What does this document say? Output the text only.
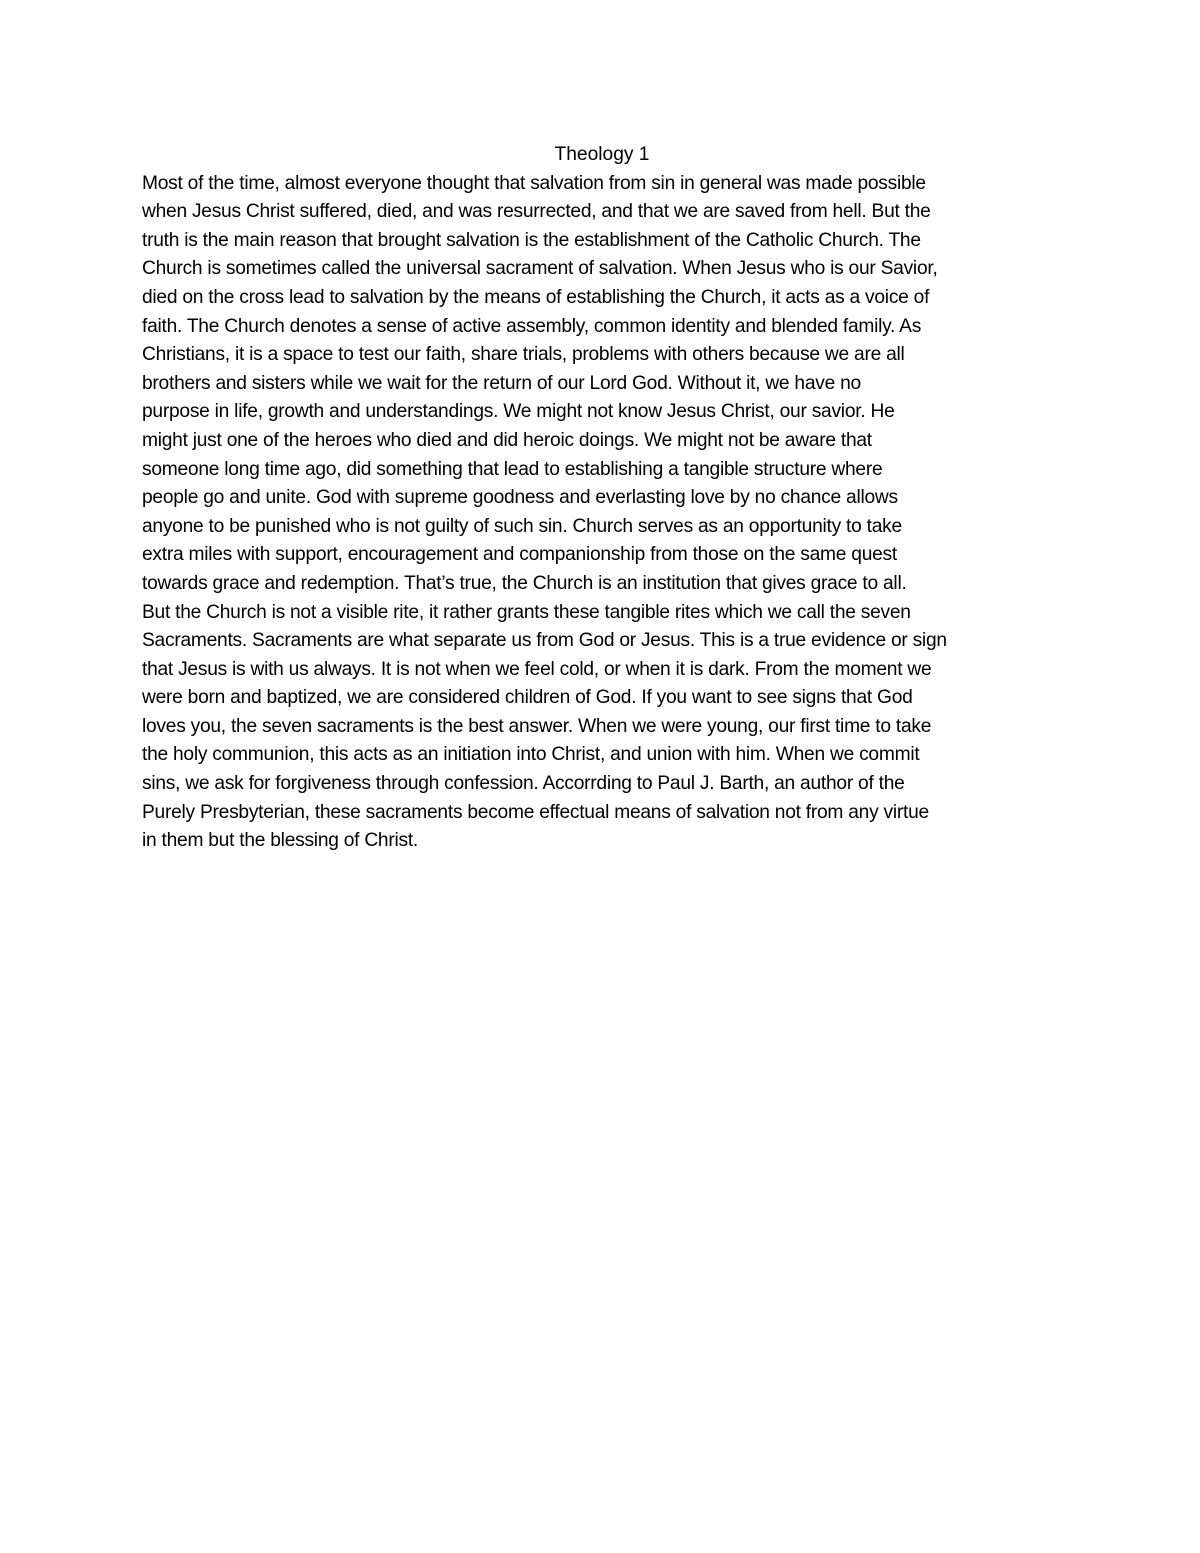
Theology 1
Most of the time, almost everyone thought that salvation from sin in general was made possible
when Jesus Christ suffered, died, and was resurrected, and that we are saved from hell. But the
truth is the main reason that brought salvation is the establishment of the Catholic Church. The
Church is sometimes called the universal sacrament of salvation. When Jesus who is our Savior,
died on the cross lead to salvation by the means of establishing the Church, it acts as a voice of
faith. The Church denotes a sense of active assembly, common identity and blended family. As
Christians, it is a space to test our faith, share trials, problems with others because we are all
brothers and sisters while we wait for the return of our Lord God. Without it, we have no
purpose in life, growth and understandings. We might not know Jesus Christ, our savior. He
might just one of the heroes who died and did heroic doings. We might not be aware that
someone long time ago, did something that lead to establishing a tangible structure where
people go and unite. God with supreme goodness and everlasting love by no chance allows
anyone to be punished who is not guilty of such sin. Church serves as an opportunity to take
extra miles with support, encouragement and companionship from those on the same quest
towards grace and redemption. That’s true, the Church is an institution that gives grace to all.
But the Church is not a visible rite, it rather grants these tangible rites which we call the seven
Sacraments. Sacraments are what separate us from God or Jesus. This is a true evidence or sign
that Jesus is with us always. It is not when we feel cold, or when it is dark. From the moment we
were born and baptized, we are considered children of God. If you want to see signs that God
loves you, the seven sacraments is the best answer. When we were young, our first time to take
the holy communion, this acts as an initiation into Christ, and union with him. When we commit
sins, we ask for forgiveness through confession. Accorrding to Paul J. Barth, an author of the
Purely Presbyterian, these sacraments become effectual means of salvation not from any virtue
in them but the blessing of Christ.
